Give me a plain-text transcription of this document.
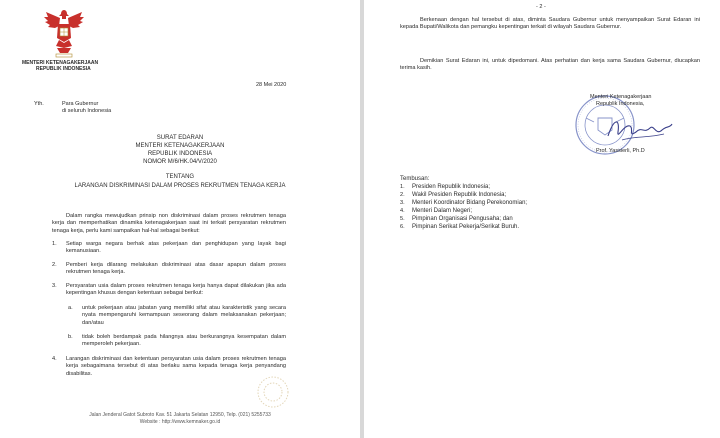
MENTERI KETENAGAKERJAAN
REPUBLIK INDONESIA
28 Mei 2020
Yth.	Para Gubernur
di seluruh Indonesia
SURAT EDARAN
MENTERI KETENAGAKERJAAN
REPUBLIK INDONESIA
NOMOR M/6/HK.04/V/2020
TENTANG
LARANGAN DISKRIMINASI DALAM PROSES REKRUTMEN TENAGA KERJA
Dalam rangka mewujudkan prinsip non diskriminasi dalam proses rekrutmen tenaga kerja dan memperhatikan dinamika ketenagakerjaan saat ini terkait persyaratan rekrutmen tenaga kerja, perlu kami sampaikan hal-hal sebagai berikut:
1. Setiap warga negara berhak atas pekerjaan dan penghidupan yang layak bagi kemanusiaan.
2. Pemberi kerja dilarang melakukan diskriminasi atas dasar apapun dalam proses rekrutmen tenaga kerja.
3. Persyaratan usia dalam proses rekrutmen tenaga kerja hanya dapat dilakukan jika ada kepentingan khusus dengan ketentuan sebagai berikut:
a. untuk pekerjaan atau jabatan yang memiliki sifat atau karakteristik yang secara nyata mempengaruhi kemampuan seseorang dalam melaksanakan pekerjaan; dan/atau
b. tidak boleh berdampak pada hilangnya atau berkurangnya kesempatan dalam memperoleh pekerjaan.
4. Larangan diskriminasi dan ketentuan persyaratan usia dalam proses rekrutmen tenaga kerja sebagaimana tersebut di atas berlaku sama kepada tenaga kerja penyandang disabilitas.
Jalan Jenderal Gatot Subroto Kav. 51 Jakarta Selatan 12950, Telp. (021) 5255733
Website : http://www.kemnaker.go.id
- 2 -
Berkenaan dengan hal tersebut di atas, diminta Saudara Gubernur untuk menyampaikan Surat Edaran ini kepada Bupati/Walikota dan pemangku kepentingan terkait di wilayah Saudara Gubernur.
Demikian Surat Edaran ini, untuk dipedomani. Atas perhatian dan kerja sama Saudara Gubernur, diucapkan terima kasih.
Menteri Ketenagakerjaan
Republik Indonesia,
Prof. Yassierli, Ph.D
Tembusan:
1. Presiden Republik Indonesia;
2. Wakil Presiden Republik Indonesia;
3. Menteri Koordinator Bidang Perekonomian;
4. Menteri Dalam Negeri;
5. Pimpinan Organisasi Pengusaha; dan
6. Pimpinan Serikat Pekerja/Serikat Buruh.
